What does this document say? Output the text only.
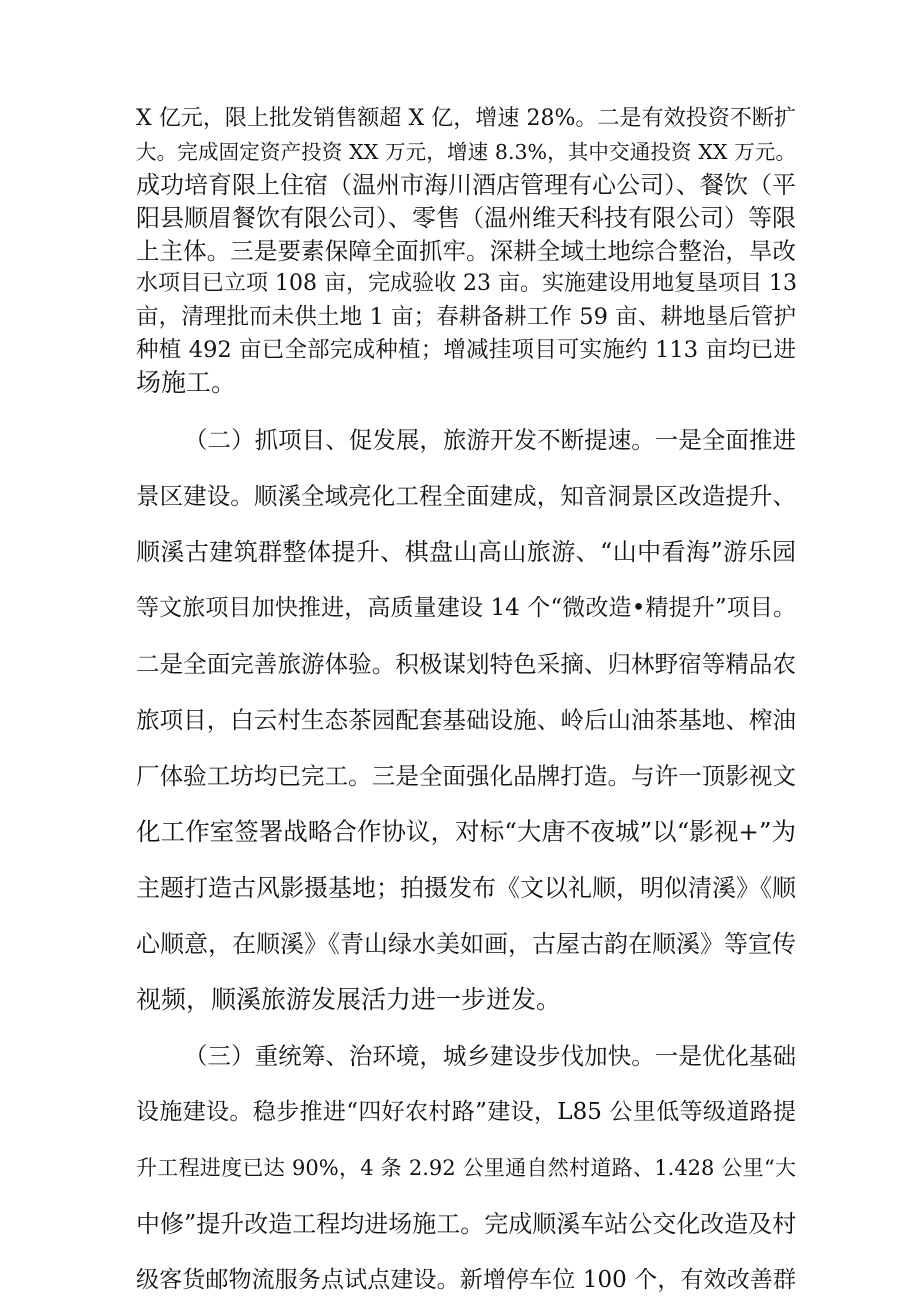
X 亿元，限上批发销售额超 X 亿，增速 28%。二是有效投资不断扩
大。完成固定资产投资 XX 万元，增速 8.3%，其中交通投资 XX 万元。
成功培育限上住宿（温州市海川酒店管理有心公司）、餐饮（平
阳县顺眉餐饮有限公司）、零售（温州维天科技有限公司）等限
上主体。三是要素保障全面抓牢。深耕全域土地综合整治，旱改
水项目已立项 108 亩，完成验收 23 亩。实施建设用地复垦项目 13
亩，清理批而未供土地 1 亩；春耕备耕工作 59 亩、耕地垦后管护
种植 492 亩已全部完成种植；增减挂项目可实施约 113 亩均已进
场施工。
（二）抓项目、促发展，旅游开发不断提速。一是全面推进
景区建设。顺溪全域亮化工程全面建成，知音洞景区改造提升、
顺溪古建筑群整体提升、棋盘山高山旅游、“山中看海”游乐园
等文旅项目加快推进，高质量建设 14 个“微改造•精提升”项目。
二是全面完善旅游体验。积极谋划特色采摘、归林野宿等精品农
旅项目，白云村生态茶园配套基础设施、岭后山油茶基地、榨油
厂体验工坊均已完工。三是全面强化品牌打造。与许一顶影视文
化工作室签署战略合作协议，对标“大唐不夜城”以“影视+”为
主题打造古风影摄基地；拍摄发布《文以礼顺，明似清溪》《顺
心顺意，在顺溪》《青山绿水美如画，古屋古韵在顺溪》等宣传
视频，顺溪旅游发展活力进一步迸发。
（三）重统筹、治环境，城乡建设步伐加快。一是优化基础
设施建设。稳步推进“四好农村路”建设，L85 公里低等级道路提
升工程进度已达 90%，4 条 2.92 公里通自然村道路、1.428 公里“大
中修”提升改造工程均进场施工。完成顺溪车站公交化改造及村
级客货邮物流服务点试点建设。新增停车位 100 个，有效改善群
